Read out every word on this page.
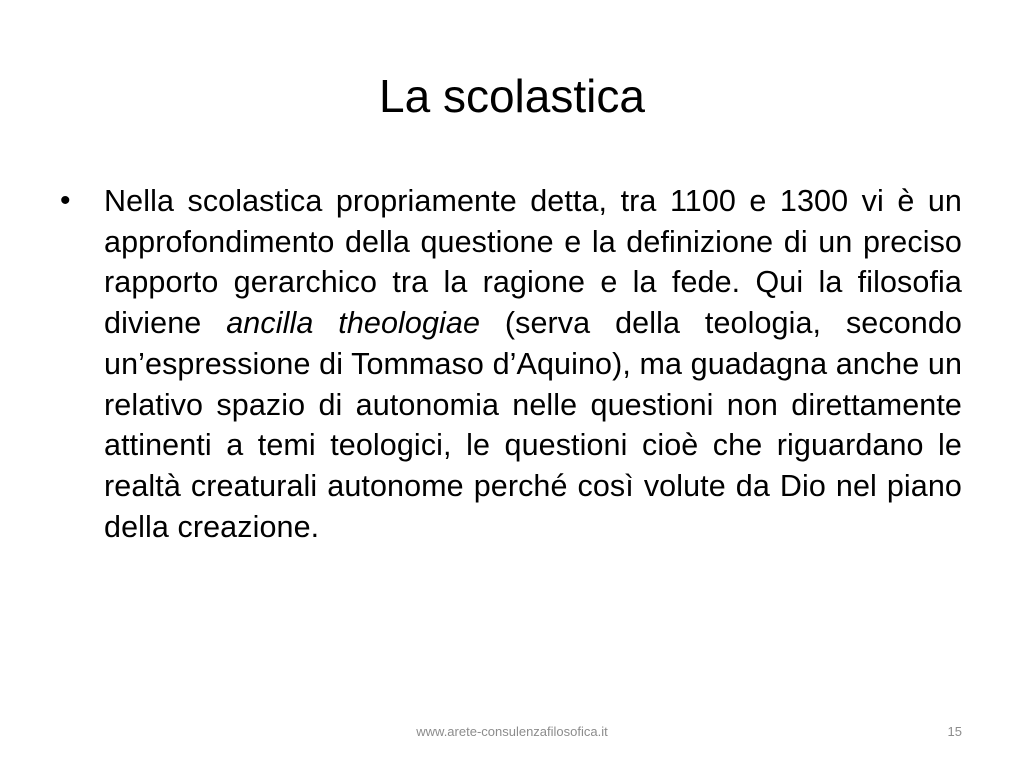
La scolastica
•	Nella scolastica propriamente detta, tra 1100 e 1300 vi è un approfondimento della questione e la definizione di un preciso rapporto gerarchico tra la ragione e la fede. Qui la filosofia diviene ancilla theologiae (serva della teologia, secondo un’espressione di Tommaso d’Aquino), ma guadagna anche un relativo spazio di autonomia nelle questioni non direttamente attinenti a temi teologici, le questioni cioè che riguardano le realtà creaturali autonome perché così volute da Dio nel piano della creazione.

www.arete-consulenzafilosofica.it	15
